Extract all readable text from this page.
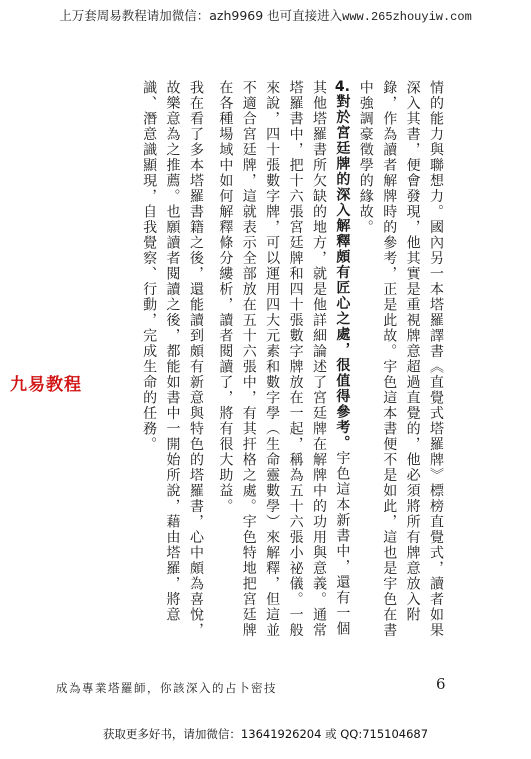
上万套周易教程请加微信：azh9969 也可直接进入www.265zhouyiw.com

情的能力與聯想力。國內另一本塔羅譯書《直覺式塔羅牌》標榜直覺式，讀者如果深入其書，便會發現，他其實是重視牌意超過直覺的，他必須將所有牌意放入附錄，作為讀者解牌時的參考，正是此故。宇色這本書便不是如此，這也是宇色在書中強調豪徵學的緣故。

4.對於宮廷牌的深入解釋頗有匠心之處，很值得參考。宇色這本新書中，還有一個其他塔羅書所欠缺的地方，就是他詳細論述了宮廷牌在解牌中的功用與意義。通常塔羅書中，把十六張宮廷牌和四十張數字牌放在一起，稱為五十六張小祕儀。一般來說，四十張數字牌，可以運用四大元素和數字學（生命靈數學）來解釋，但這並不適合宮廷牌，這就表示全部放在五十六張中，有其扞格之處。宇色特地把宮廷牌在各種場域中如何解釋條分縷析，讀者閱讀了，將有很大助益。

我在看了多本塔羅書籍之後，還能讀到頗有新意與特色的塔羅書，心中頗為喜悅，故樂意為之推薦。也願讀者閱讀之後，都能如書中一開始所說，藉由塔羅，將意識、潛意識顯現，自我覺察、行動，完成生命的任務。

九易教程
成為專業塔羅師，你該深入的占卜密技	6
获取更多好书，请加微信：13641926204 或 QQ:715104687
